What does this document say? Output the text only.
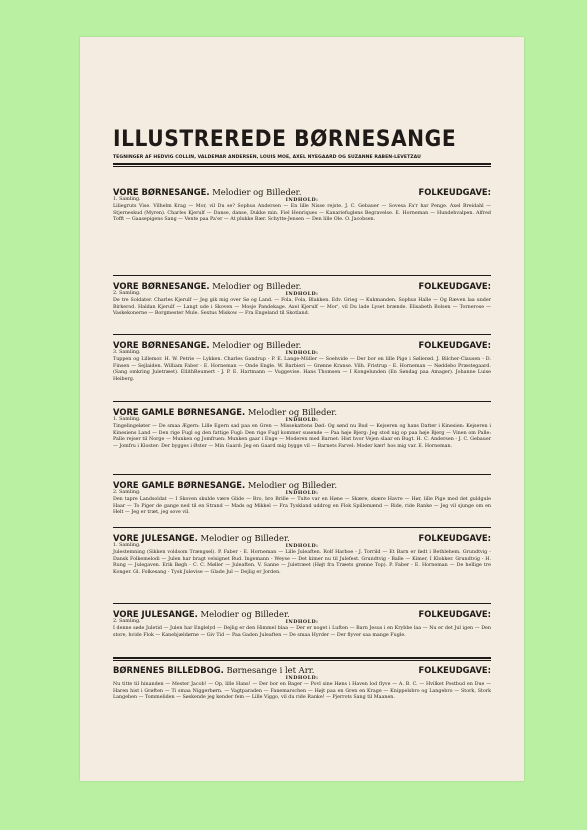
ILLUSTREREDE BØRNESANGE
TEGNINGER AF HEDVIG COLLIN, VALDEMAR ANDERSEN, LOUIS MOE, AXEL NYEGAARD OG SUZANNE RABEN-LEVETZAU
VORE BØRNESANGE. Melodier og Billeder.	FOLKEUDGAVE:
1. Samling.	INDHOLD:
Liliegruts Vise. Vilhelm Krag — Mor, vil Du se? Sophus Andersen — En lille Nisse rejste. J. C. Gebauer — Sovesa Fa'r har Penge. Axel Breidahl — Stjerneskud (Myren). Charles Kjerulf — Danse, danse, Dukke min. Fiel Henriques — Kanariefuglens Begravelse. E. Horneman — Hundehvalpen. Alfred Tofft — Gaasepigens Sang — Vente paa Pa'er — At plukke Bær. Schytte-Jensen — Den lille Ole. O. Jacobsen.
VORE BØRNESANGE. Melodier og Billeder.	FOLKEUDGAVE:
2. Samling.	INDHOLD:
De tre Soldater. Charles Kjerulf — Jeg gik mig over Sø og Land. — Fola, Fola, Blakken. Edv. Grieg — Kukmanden. Sophus Halle — Og Ræven laa under Birkerod. Haldan Kjerulf — Langt ude i Skoven — Mosje Pandekage. Axel Kjerulf — Mor', vil Du lade Lyset brænde. Elisabeth Bolsen — Tornerose — Vaskekonerne — Borgmester Mule. Sextus Miskow — Fra Engeland til Skotland.
VORE BØRNESANGE. Melodier og Billeder.	FOLKEUDGAVE:
3. Samling.	INDHOLD:
Tuppen og Lillemor. H. W. Petrie — Lykken. Charles Gandrup - P. E. Lange-Müller — Soehvide — Der bor en lille Pige i Søllerød. J. Bilcher-Clausen - D. Finsen — Sejlaiden. William Faber - E. Horneman — Onde Engle. W. Barbieri — Grønne Kranse. Vilh. Fristrup - E. Horneman — Nøddebo Præstegaard. (Sang omkring Juletræet). EllithReumert - J. P. E. Hartmann — Vuggevise. Hans Thomsen — I Kongelunden (En Søndag paa Amager). Johanne Luise Heiberg.
VORE GAMLE BØRNESANGE. Melodier og Billeder.
1. Samling.	INDHOLD:
Tingelingeløter — De smaa Ægern: Lille Egern sad paa en Gren — Missekattens Død: Og sønd nu Bud — Kejseren og hans Datter i Kinesien: Kejseren i Kinesiens Land — Den rige Fugl og den fattige Fugl: Den rige Fugl kommer susende — Paa høje Bjerg: Jeg stod nig op paa høje Bjerg — Vinen om Palle: Palle rejser til Norge — Munken og Jomfruen: Munken gaar i Enge — Moderen med Barnet: Hist hvor Vejen slaar en Bugt. H. C. Andersen - J. C. Gebauer — Jomfru i Kloster: Der bygges i Øster — Min Gaard: Jeg en Gaard mig bygge vil — Barnets Farvel: Moder kær! hos mig var. E. Horneman.
VORE GAMLE BØRNESANGE. Melodier og Billeder.
2. Samling.	INDHOLD:
Den tapre Landsoldat — I Skoven skulde være Glide — Bro, bro Brille — Tulte var en Høne — Skære, skære Havre — Hør, lille Pige med det guldgule Haar — To Piger de gange ned til en Strand — Mads og Mikkel — Fra Tyskland uddrog en Flok Spillemænd — Ride, ride Ranke — Jeg vil sjunge om en Helt — Jeg er træt, jeg sove vil.
VORE JULESANGE. Melodier og Billeder.	FOLKEUDGAVE:
1. Samling.	INDHOLD:
Julestemning (Sikken voldsom Trængsel). P. Faber - E. Horneman — Lille Juleaften. Rolf Harboe - J. Torrild — Et Barn er født i Bethlehem. Grundtvig - Dansk Folkemelodi — Julen har bragt velsignet Bud. Ingemann - Weyse — Det kimer nu til Julefest. Grundtvig - Balle — Kimer, I Klokker. Grundtvig - H. Rung — Julegaven. Erik Bøgh - C. C. Møller — Juleaften. V. Sanne — Juletræet (Højt fra Træets grønne Top). P. Faber - E. Horneman — De hellige tre Konger. Gl. Folkesang - Tysk Julevise — Glade Jul — Dejlig er Jorden.
VORE JULESANGE. Melodier og Billeder.	FOLKEUDGAVE:
2. Samling.	INDHOLD:
I denne søde Juletid — Julen har Englelyd — Dejlig er den Himmel blaa — Der er noget i Luften — Barn Jesus i en Krybbe laa — Nu er det Jul igen — Den store, hvide Flok — Kanebjældørne — Giv Tid — Paa Gaden Juleaften — De smaa Hyrder — Der flyver saa mange Fugle.
BØRNENES BILLEDBOG. Børnesange i let Arr.	FOLKEUDGAVE:
INDHOLD:
Nu titte til hinanden — Mester Jacob! — Op, lille Hans! — Der bor en Bager — Povl sine Høns i Haven lod flyve — A. B. C. — Hvilket Postbud en Due — Haren hist i Grøften — Ti smaa Niggerbørn. — Vagtparaden — Fanemarschen — Højt paa en Gren en Krage — Knippelsbro og Langebro — Stork, Stork Langeben — Tommeliden — Søskende jeg kender fem — Lille Viggo, vil du ride Ranke! — Pjerrots Sang til Maanen.
